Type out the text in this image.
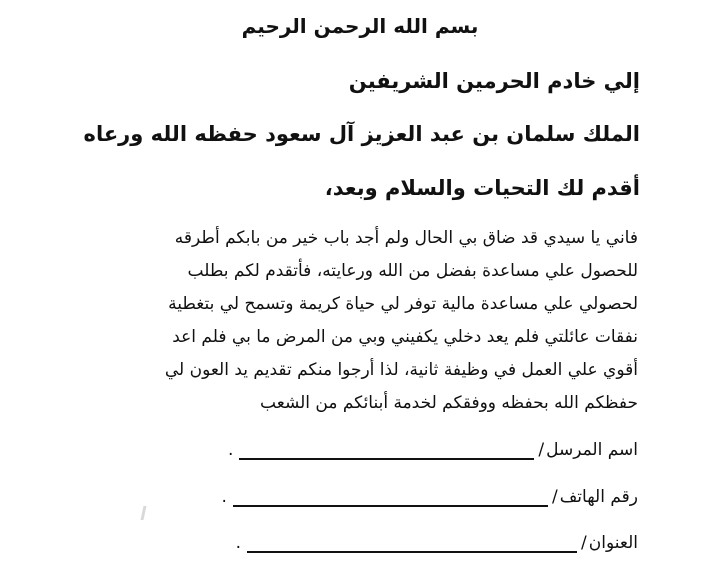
بسم الله الرحمن الرحيم
إلي خادم الحرمين الشريفين
الملك سلمان بن عبد العزيز آل سعود حفظه الله ورعاه
أقدم لك التحيات والسلام وبعد،
فاني يا سيدي قد ضاق بي الحال ولم أجد باب خير من بابكم أطرقه
للحصول علي مساعدة بفضل من الله ورعايته، فأتقدم لكم بطلب
لحصولي علي مساعدة مالية توفر لي حياة كريمة وتسمح لي بتغطية
نفقات عائلتي فلم يعد دخلي يكفيني وبي من المرض ما بي فلم اعد
أقوي علي العمل في وظيفة ثانية، لذا أرجوا منكم تقديم يد العون لي
حفظكم الله بحفظه ووفقكم لخدمة أبنائكم من الشعب
اسم المرسل
/
.
رقم الهاتف
/
.
العنوان
/
.
